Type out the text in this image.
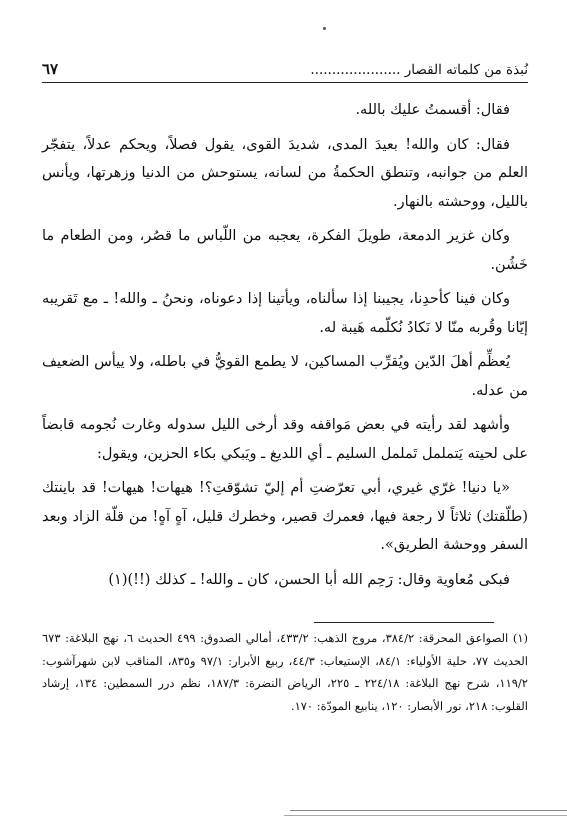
نُبذة من كلماته القصار .....................
٦٧

فقال: أقسمتُ عليك بالله.

فقال: كان والله! بعيدَ المدى، شديدَ القوى، يقول فصلاً، ويحكم عدلاً، يتفجّر العلم من جوانبه، وتنطق الحكمةُ من لسانه، يستوحش من الدنيا وزهرتها، ويأنس بالليل، ووحشته بالنهار.

وكان غزير الدمعة، طويلَ الفكرة، يعجبه من اللّباس ما قصُر، ومن الطعام ما خَشُن.

وكان فينا كأحدِنا، يجيبنا إذا سألناه، ويأتينا إذا دعوناه، ونحنُ ـ والله! ـ مع تَقريبه إيّانا وقُربه منّا لا نَكادُ نُكلّمه هَيبة له.

يُعظِّم أهلَ الدّين ويُقرِّب المساكين، لا يطمع القويُّ في باطله، ولا ييأس الضعيف من عدله.

وأشهد لقد رأيته في بعض مَواقفه وقد أرخى الليل سدوله وغارت نُجومه قابضاً على لحيته يَتململ تَململ السليم ـ أي اللديغ ـ ويَبكي بكاء الحزين، ويقول:

«يا دنيا! غرّي غيري، أبي تعرّضتِ أم إليّ تشوّقتِ؟! هيهات! هيهات! قد باينتك (طلّقتك) ثلاثاً لا رجعة فيها، فعمرك قصير، وخطرك قليل، آهٍ آهٍ! من قلّة الزاد وبعد السفر ووحشة الطريق».

فبكى مُعاوية وقال: رَحِم الله أبا الحسن، كان ـ والله! ـ كذلك (!!)(١)

(١) الصواعق المحرقة: ٣٨٤/٢، مروج الذهب: ٤٣٣/٢، أمالي الصدوق: ٤٩٩ الحديث ٦، نهج البلاغة: ٦٧٣ الحديث ٧٧، حلية الأولياء: ٨٤/١، الإستيعاب: ٤٤/٣، ربيع الأبرار: ٩٧/١ و٨٣٥، المناقب لابن شهرآشوب: ١١٩/٢، شرح نهج البلاغة: ٢٢٤/١٨ ـ ٢٢٥، الرياض النضرة: ١٨٧/٣، نظم درر السمطين: ١٣٤، إرشاد القلوب: ٢١٨، نور الأبصار: ١٢٠، ينابيع المودّة: ١٧٠.
